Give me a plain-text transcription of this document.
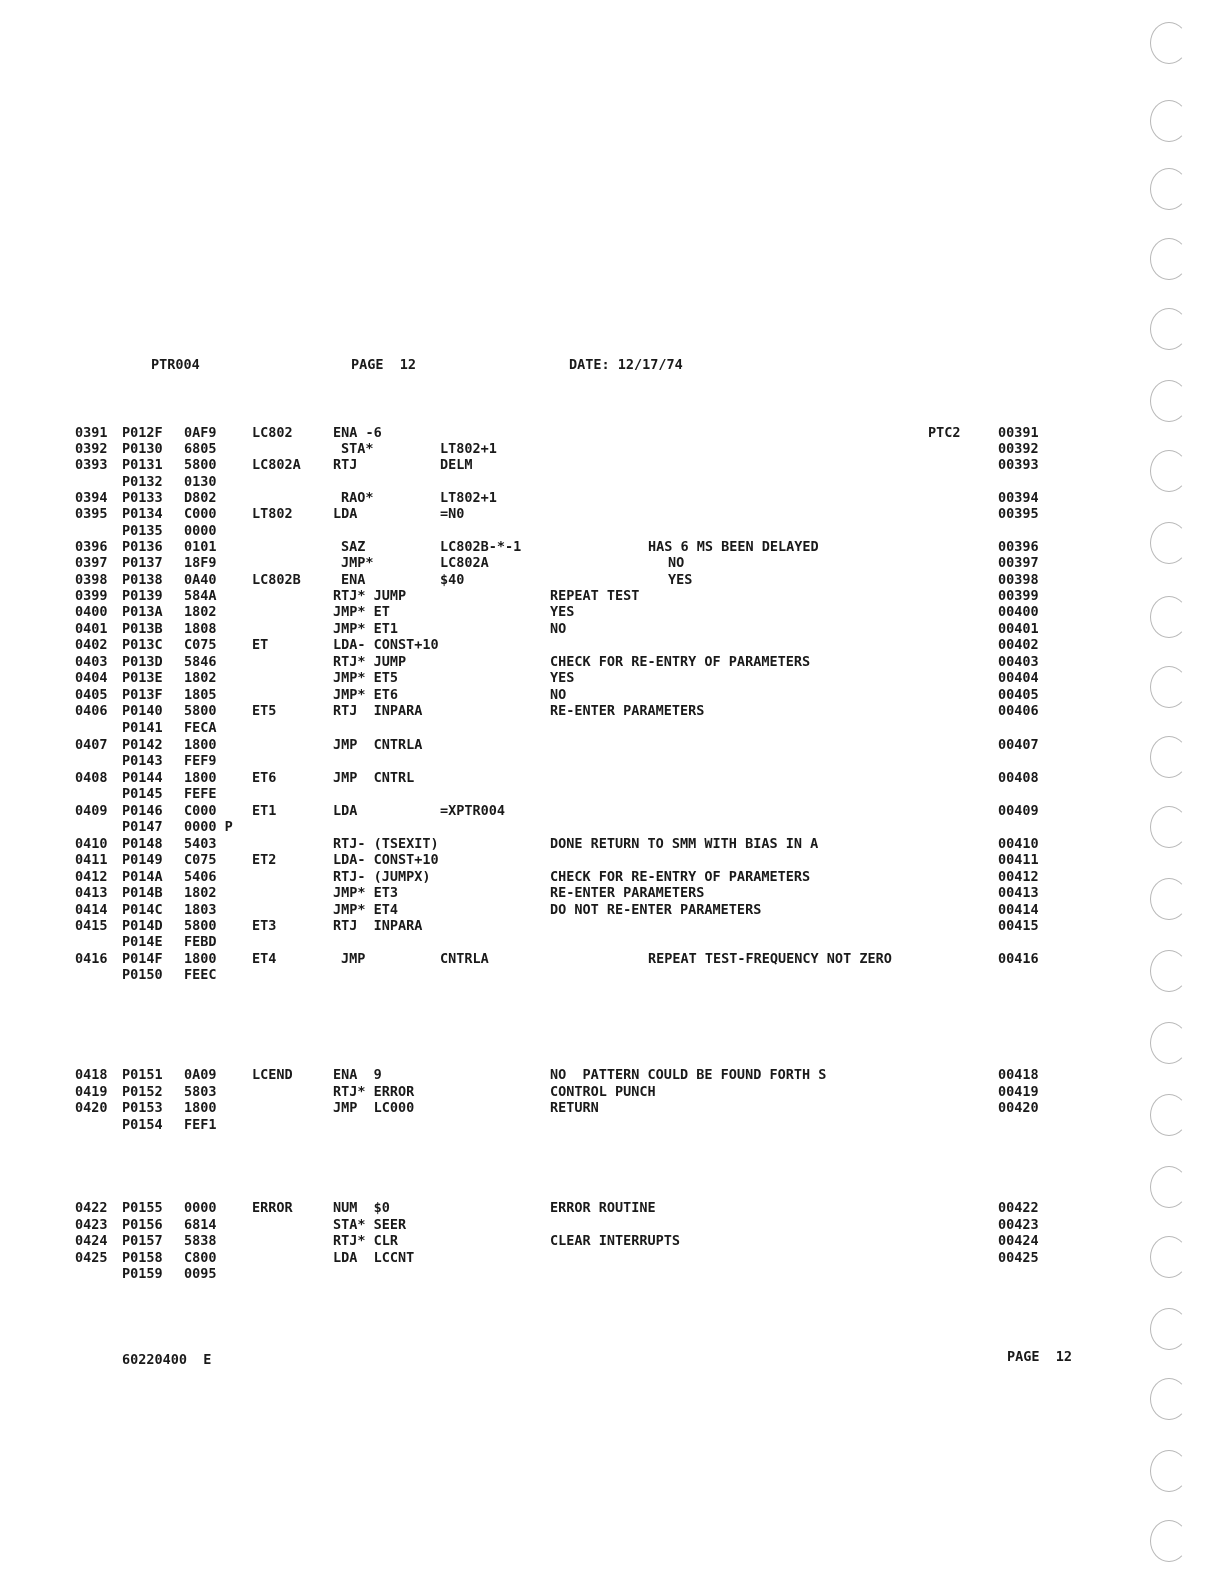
PTR004	PAGE  12	DATE: 12/17/74
0391 P012F 0AF9	LC802	ENA -6	PTC2	00391
0392 P0130 6805	STA*	LT802+1	00392
0393 P0131 5800	LC802A RTJ	DELM	00393
P0132 0130
0394 P0133 D802	RAO*	LT802+1	00394
0395 P0134 C000	LT802	LDA	=N0	00395
P0135 0000
0396 P0136 0101	SAZ	LC802B-*-1	HAS 6 MS BEEN DELAYED	00396
0397 P0137 18F9	JMP*	LC802A	NO	00397
0398 P0138 0A40	LC802B	ENA	$40	YES	00398
0399 P0139 584A	RTJ* JUMP	REPEAT TEST	00399
0400 P013A 1802	JMP* ET	YES	00400
0401 P013B 1808	JMP* ET1	NO	00401
0402 P013C C075	ET	LDA- CONST+10	00402
0403 P013D 5846	RTJ* JUMP	CHECK FOR RE-ENTRY OF PARAMETERS	00403
0404 P013E 1802	JMP* ET5	YES	00404
0405 P013F 1805	JMP* ET6	NO	00405
0406 P0140 5800	ET5	RTJ  INPARA	RE-ENTER PARAMETERS	00406
P0141 FECA
0407 P0142 1800	JMP  CNTRLA	00407
P0143 FEF9
0408 P0144 1800	ET6	JMP  CNTRL	00408
P0145 FEFE
0409 P0146 C000	ET1	LDA	=XPTR004	00409
P0147 0000 P
0410 P0148 5403	RTJ- (TSEXIT)	DONE RETURN TO SMM WITH BIAS IN A	00410
0411 P0149 C075	ET2	LDA- CONST+10	00411
0412 P014A 5406	RTJ- (JUMPX)	CHECK FOR RE-ENTRY OF PARAMETERS	00412
0413 P014B 1802	JMP* ET3	RE-ENTER PARAMETERS	00413
0414 P014C 1803	JMP* ET4	DO NOT RE-ENTER PARAMETERS	00414
0415 P014D 5800	ET3	RTJ  INPARA	00415
P014E FEBD
0416 P014F 1800	ET4	JMP	CNTRLA	REPEAT TEST-FREQUENCY NOT ZERO	00416
P0150 FEEC
0418 P0151 0A09	LCEND	ENA  9	NO  PATTERN COULD BE FOUND FORTH S	00418
0419 P0152 5803	RTJ* ERROR	CONTROL PUNCH	00419
0420 P0153 1800	JMP  LC000	RETURN	00420
P0154 FEF1
0422 P0155 0000	ERROR	NUM  $0	ERROR ROUTINE	00422
0423 P0156 6814	STA* SEER	00423
0424 P0157 5838	RTJ* CLR	CLEAR INTERRUPTS	00424
0425 P0158 C800	LDA  LCCNT	00425
P0159 0095
60220400  E	PAGE  12
